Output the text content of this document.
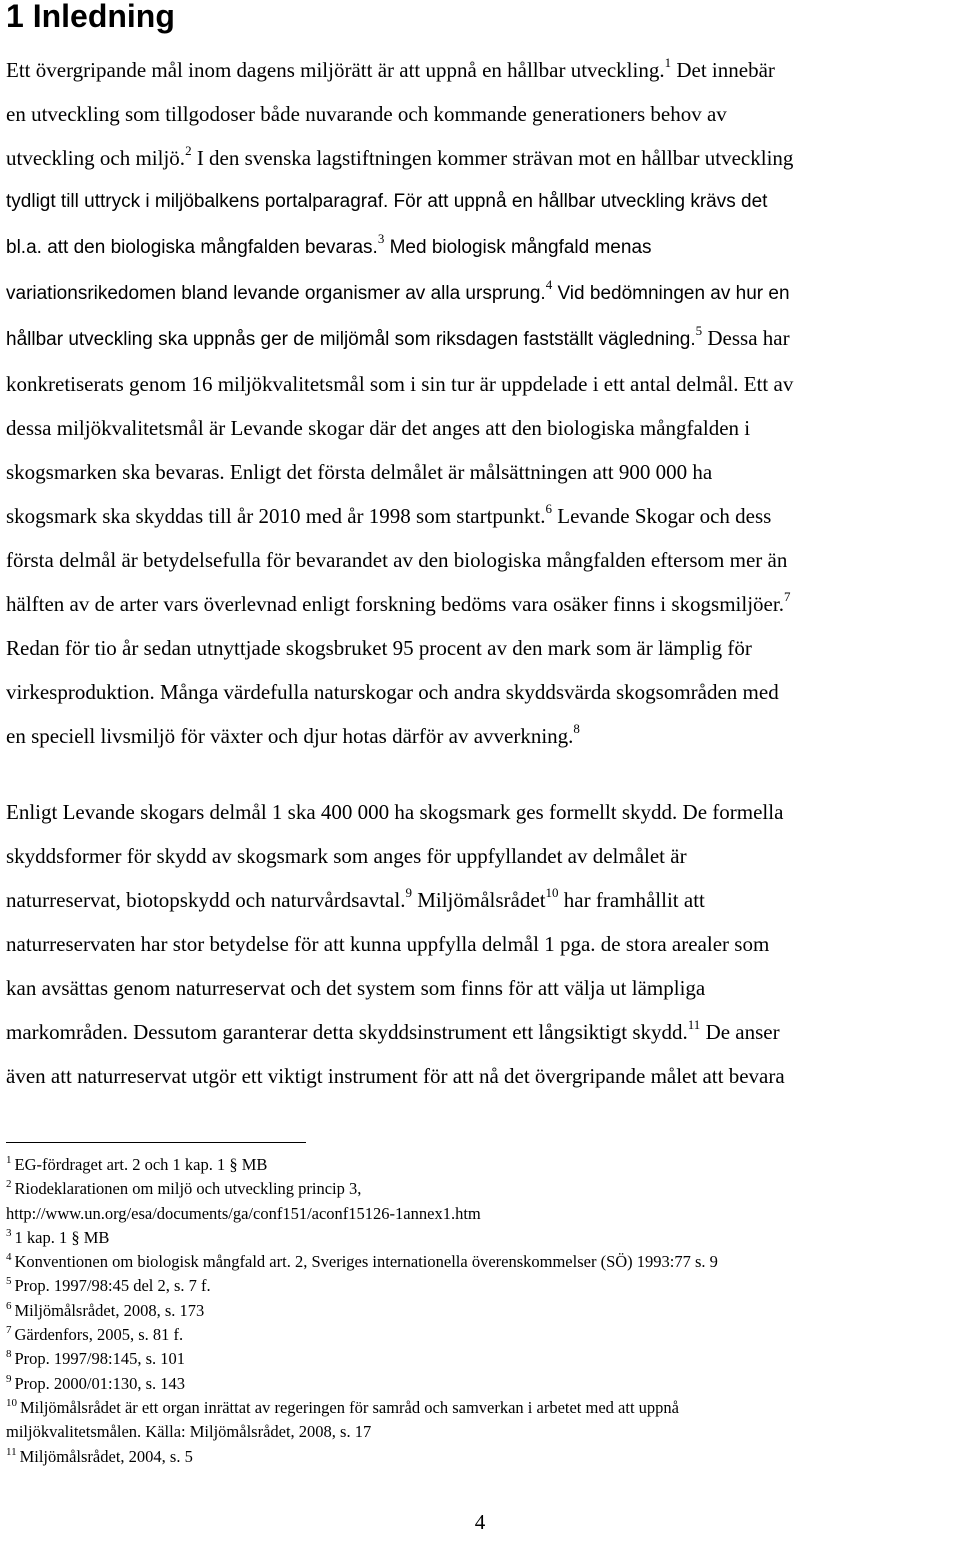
1 Inledning
Ett övergripande mål inom dagens miljörätt är att uppnå en hållbar utveckling.$^1$ Det innebär
en utveckling som tillgodoser både nuvarande och kommande generationers behov av
utveckling och miljö.$^2$ I den svenska lagstiftningen kommer strävan mot en hållbar utveckling
tydligt till uttryck i miljöbalkens portalparagraf. För att uppnå en hållbar utveckling krävs det
bl.a. att den biologiska mångfalden bevaras.$^3$ Med biologisk mångfald menas
variationsrikedomen bland levande organismer av alla ursprung.$^4$ Vid bedömningen av hur en
hållbar utveckling ska uppnås ger de miljömål som riksdagen fastställt vägledning.$^5$ Dessa har
konkretiserats genom 16 miljökvalitetsmål som i sin tur är uppdelade i ett antal delmål. Ett av
dessa miljökvalitetsmål är Levande skogar där det anges att den biologiska mångfalden i
skogsmarken ska bevaras. Enligt det första delmålet är målsättningen att 900 000 ha
skogsmark ska skyddas till år 2010 med år 1998 som startpunkt.$^6$ Levande Skogar och dess
första delmål är betydelsefulla för bevarandet av den biologiska mångfalden eftersom mer än
hälften av de arter vars överlevnad enligt forskning bedöms vara osäker finns i skogsmiljöer.$^7$
Redan för tio år sedan utnyttjade skogsbruket 95 procent av den mark som är lämplig för
virkesproduktion. Många värdefulla naturskogar och andra skyddsvärda skogsområden med
en speciell livsmiljö för växter och djur hotas därför av avverkning.$^8$
Enligt Levande skogars delmål 1 ska 400 000 ha skogsmark ges formellt skydd. De formella
skyddsformer för skydd av skogsmark som anges för uppfyllandet av delmålet är
naturreservat, biotopskydd och naturvårdsavtal.$^9$ Miljömålsrådet$^{10}$ har framhållit att
naturreservaten har stor betydelse för att kunna uppfylla delmål 1 pga. de stora arealer som
kan avsättas genom naturreservat och det system som finns för att välja ut lämpliga
markområden. Dessutom garanterar detta skyddsinstrument ett långsiktigt skydd.$^{11}$ De anser
även att naturreservat utgör ett viktigt instrument för att nå det övergripande målet att bevara
$^1$ EG-fördraget art. 2 och 1 kap. 1 § MB
$^2$ Riodeklarationen om miljö och utveckling princip 3,
http://www.un.org/esa/documents/ga/conf151/aconf15126-1annex1.htm
$^3$ 1 kap. 1 § MB
$^4$ Konventionen om biologisk mångfald art. 2, Sveriges internationella överenskommelser (SÖ) 1993:77 s. 9
$^5$ Prop. 1997/98:45 del 2, s. 7 f.
$^6$ Miljömålsrådet, 2008, s. 173
$^7$ Gärdenfors, 2005, s. 81 f.
$^8$ Prop. 1997/98:145, s. 101
$^9$ Prop. 2000/01:130, s. 143
$^{10}$ Miljömålsrådet är ett organ inrättat av regeringen för samråd och samverkan i arbetet med att uppnå
miljökvalitetsmålen. Källa: Miljömålsrådet, 2008, s. 17
$^{11}$ Miljömålsrådet, 2004, s. 5
4
